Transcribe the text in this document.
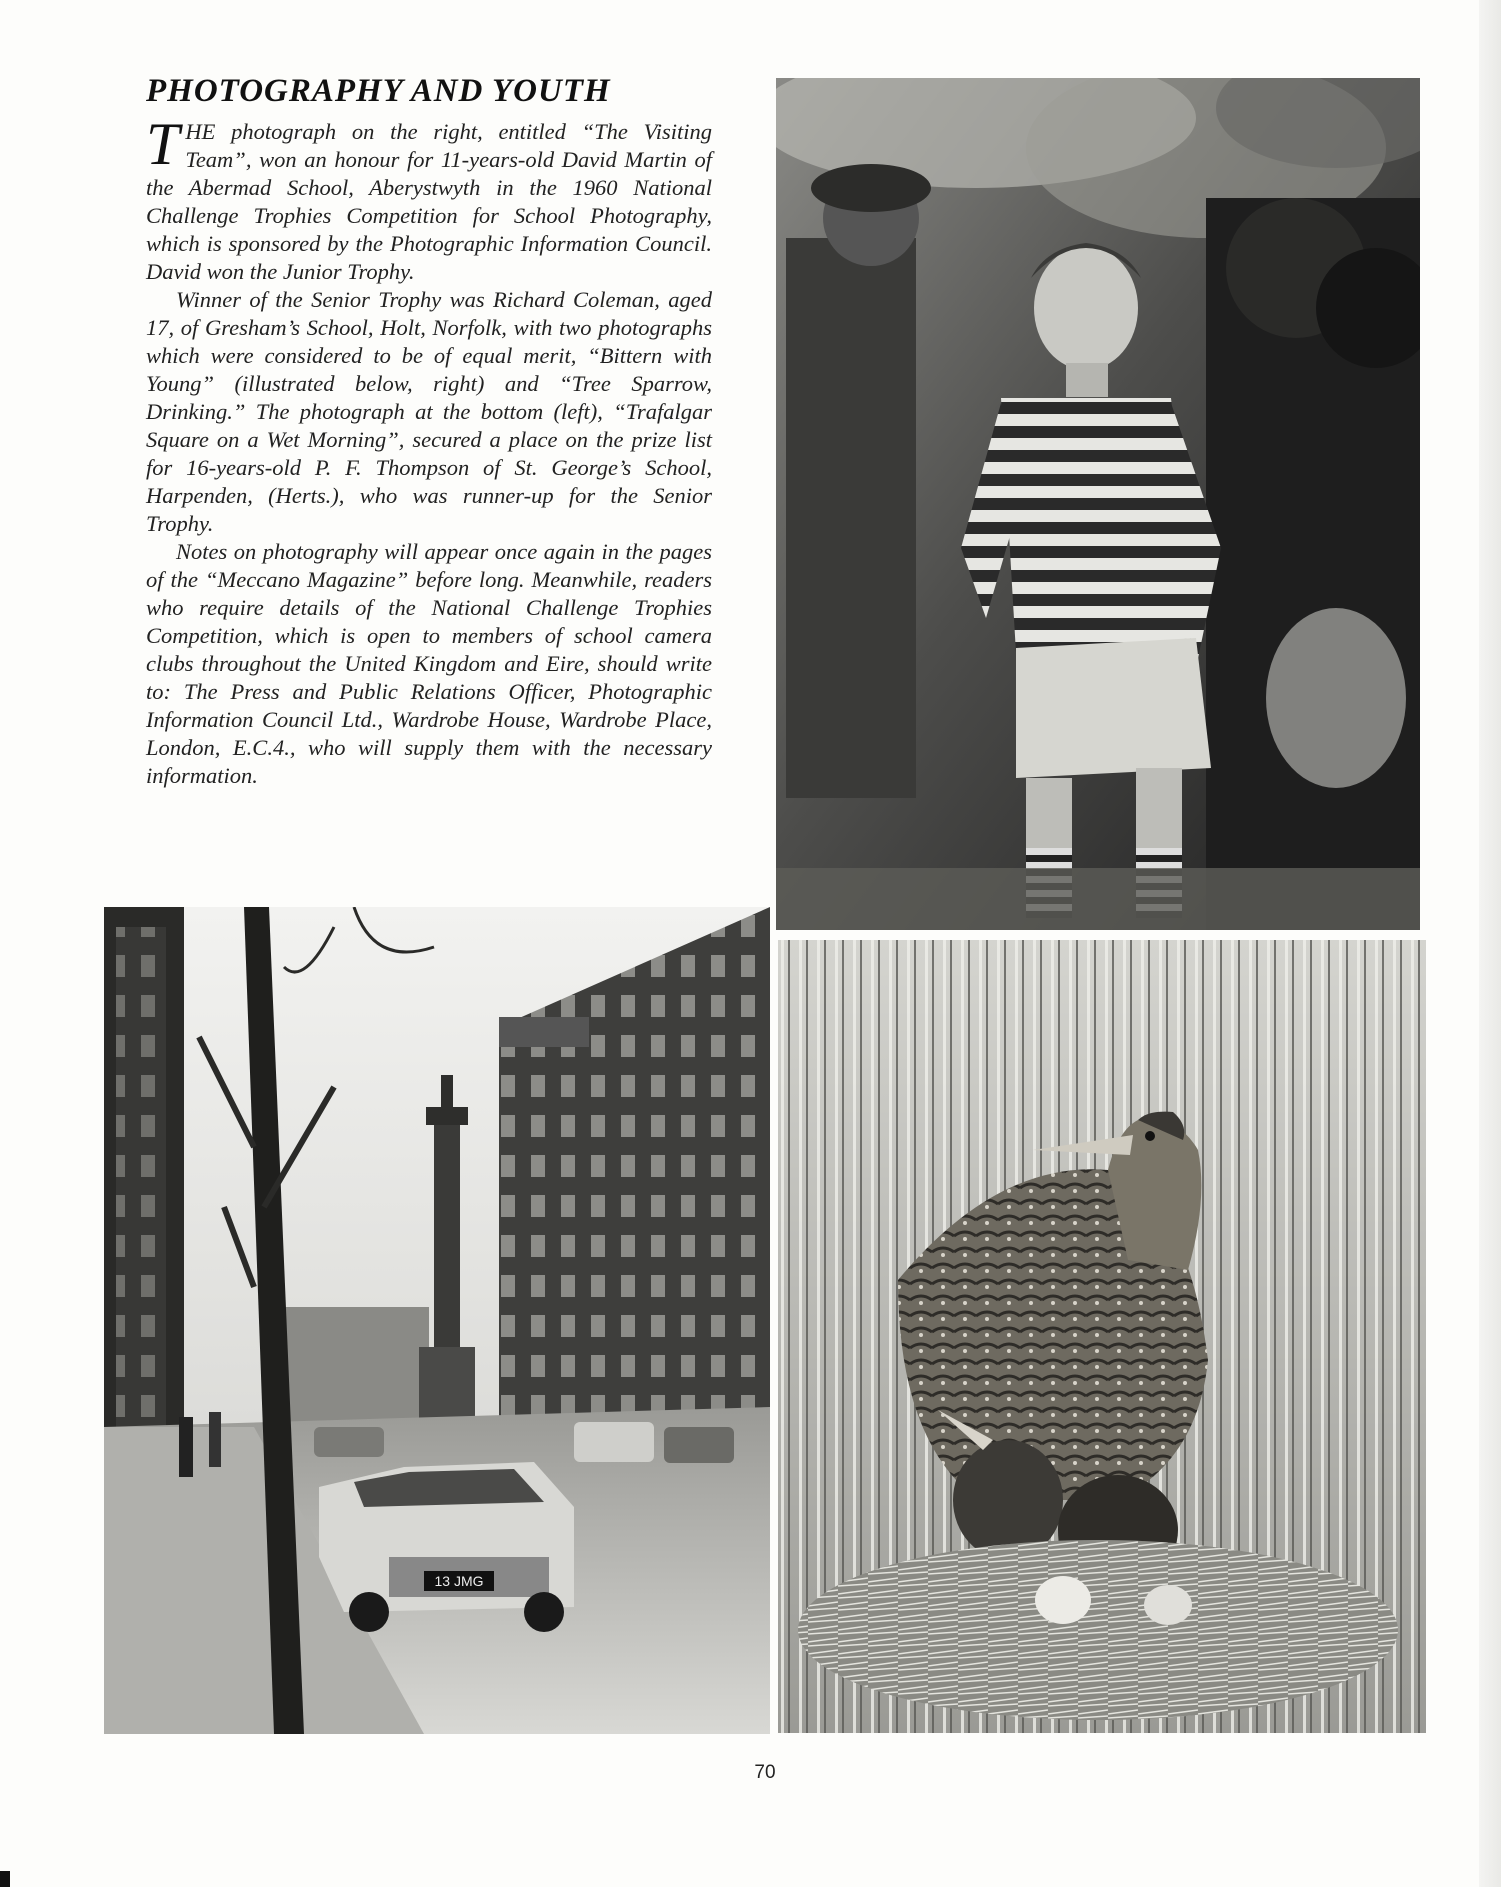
PHOTOGRAPHY AND YOUTH

THE photograph on the right, entitled “The Visiting Team”, won an honour for 11-years-old David Martin of the Abermad School, Aberystwyth in the 1960 National Challenge Trophies Competition for School Photography, which is sponsored by the Photographic Information Council. David won the Junior Trophy.

Winner of the Senior Trophy was Richard Coleman, aged 17, of Gresham’s School, Holt, Norfolk, with two photographs which were considered to be of equal merit, “Bittern with Young” (illustrated below, right) and “Tree Sparrow, Drinking.” The photograph at the bottom (left), “Trafalgar Square on a Wet Morning”, secured a place on the prize list for 16-years-old P. F. Thompson of St. George’s School, Harpenden, (Herts.), who was runner-up for the Senior Trophy.

Notes on photography will appear once again in the pages of the “Meccano Magazine” before long. Meanwhile, readers who require details of the National Challenge Trophies Competition, which is open to members of school camera clubs throughout the United Kingdom and Eire, should write to: The Press and Public Relations Officer, Photographic Information Council Ltd., Wardrobe House, Wardrobe Place, London, E.C.4., who will supply them with the necessary information.

13 JMG
70
